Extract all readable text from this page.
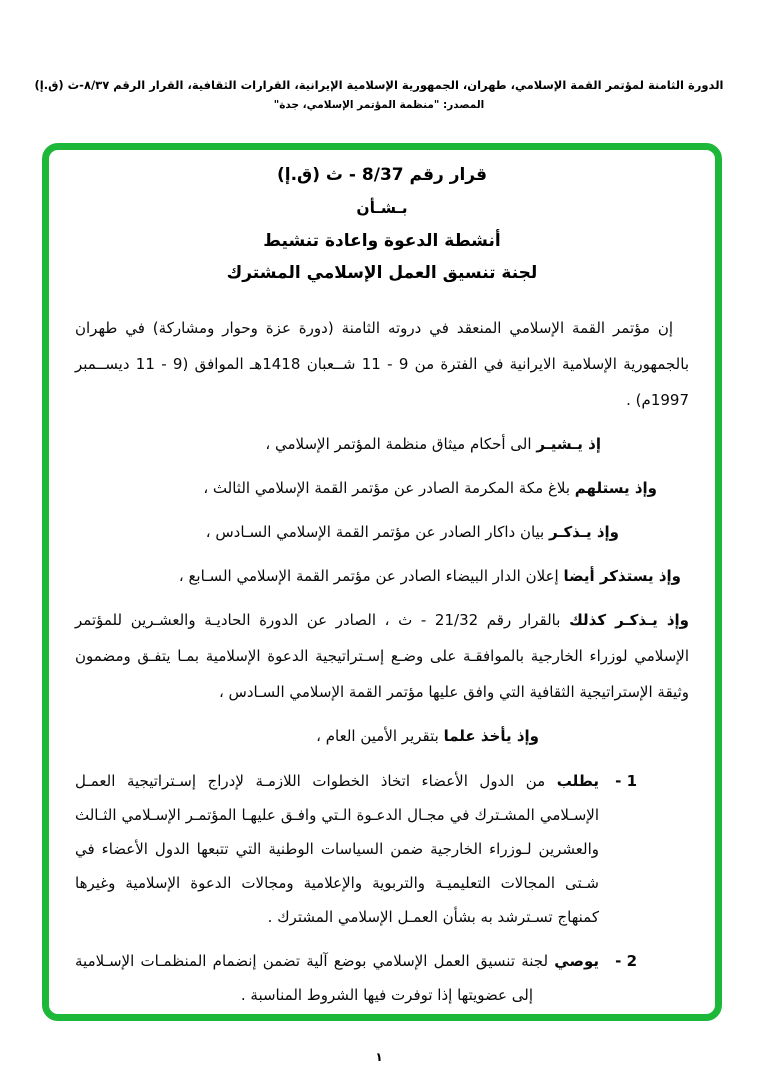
الدورة الثامنة لمؤتمر القمة الإسلامي، طهران، الجمهورية الإسلامية الإيرانية، القرارات الثقافية، القرار الرقم ٨/٣٧-ث (ق.إ)
المصدر: "منظمة المؤتمر الإسلامي، جدة"
قرار رقم 8/37 - ث (ق.إ)
بـشـأن
أنشطة الدعوة واعادة تنشيط
لجنة تنسيق العمل الإسلامي المشترك

إن مؤتمر القمة الإسلامي المنعقد في دروته الثامنة (دورة عزة وحوار ومشاركة) في طهران بالجمهورية الإسلامية الايرانية في الفترة من 9 - 11 شــعبان 1418هـ الموافق (9 - 11 ديســمبر 1997م) .

إذ يـشيـر الى أحكام ميثاق منظمة المؤتمر الإسلامي ،

وإذ يستلهم بلاغ مكة المكرمة الصادر عن مؤتمر القمة الإسلامي الثالث ،

وإذ يـذكـر بيان داكار الصادر عن مؤتمر القمة الإسلامي السـادس ،

وإذ يستذكر أيضا إعلان الدار البيضاء الصادر عن مؤتمر القمة الإسلامي السـابع ،

وإذ يـذكـر كذلك بالقرار رقم 21/32 - ث ، الصادر عن الدورة الحاديـة والعشـرين للمؤتمر الإسلامي لوزراء الخارجية بالموافقـة على وضـع إسـتراتيجية الدعوة الإسلامية بمـا يتفـق ومضمون وثيقة الإستراتيجية الثقافية التي وافق عليها مؤتمر القمة الإسلامي السـادس ،

وإذ يأخذ علما بتقرير الأمين العام ،

1 -

يطلب من الدول الأعضاء اتخاذ الخطوات اللازمـة لإدراج إسـتراتيجية العمـل الإسـلامي المشـترك في مجـال الدعـوة الـتي وافـق عليهـا المؤتمـر الإسـلامي الثـالث والعشرين لـوزراء الخارجية ضمن السياسات الوطنية التي تتبعها الدول الأعضاء في شـتى المجالات التعليميـة والتربوية والإعلامية ومجالات الدعوة الإسلامية وغيرها كمنهاج تسـترشد به بشأن العمـل الإسلامي المشترك .

2 -

يوصي لجنة تنسيق العمل الإسلامي بوضع آلية تضمن إنضمام المنظمـات الإسـلامية إلى عضويتها إذا توفرت فيها الشروط المناسبة .

١
